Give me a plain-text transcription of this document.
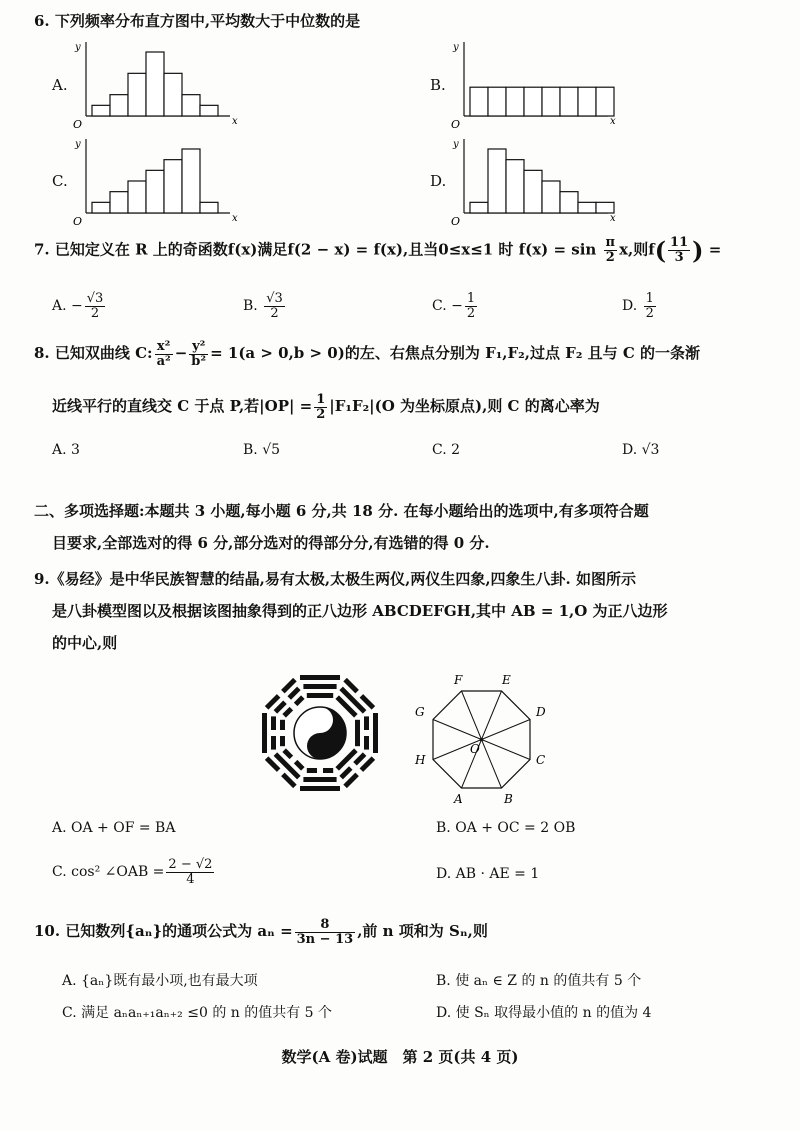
6. 下列频率分布直方图中,平均数大于中位数的是
A.	B.
C.	D.
y
x
O
y
x
O
y
x
O
y
x
O
7. 已知定义在 R 上的奇函数f(x)满足f(2 − x) = f(x),且当0≤x≤1 时 $f(x) = \sin \frac{\pi}{2} x$,则$f( \frac{11}{3}$ ) =
A. − $\frac{√3}{2}$	B. $\frac{√3}{2}$	C. − $\frac{1}{2}$	D. $\frac{1}{2}$
8. 已知双曲线 C: $\frac{\text{x²}}{\text{a²}} - \frac{\text{y²}}{\text{b²}} = 1(a > 0,b > 0)$的左、右焦点分别为 F₁,F₂,过点 F₂ 且与 C 的一条渐
近线平行的直线交 C 于点 P,若$|OP| = \frac{1}{2} |F_1F_2|(O$ 为坐标原点),则 C 的离心率为
A. 3	B. √5	C. 2	D. √3
二、多项选择题:本题共 3 小题,每小题 6 分,共 18 分. 在每小题给出的选项中,有多项符合题
目要求,全部选对的得 6 分,部分选对的得部分分,有选错的得 0 分.
9.《易经》是中华民族智慧的结晶,易有太极,太极生两仪,两仪生四象,四象生八卦. 如图所示
是八卦模型图以及根据该图抽象得到的正八边形 ABCDEFGH,其中 AB = 1,O 为正八边形
的中心,则
A	B
C
D
E
F
G
H
O
A. OA + OF = BA	B. OA + OC = 2 OB
C. cos² ∠OAB = $\frac{2 - √2}{4}$	D. AB · AE = 1
10. 已知数列{aₙ}的通项公式为 $a_n = \frac{8}{3n - 13}$ ,前 n 项和为 Sₙ,则
A. {aₙ}既有最小项,也有最大项	B. 使 aₙ ∈ Z 的 n 的值共有 5 个
C. 满足 aₙaₙ₊₁aₙ₊₂ ≤0 的 n 的值共有 5 个	D. 使 Sₙ 取得最小值的 n 的值为 4
数学(A 卷)试题　第 2 页(共 4 页)
